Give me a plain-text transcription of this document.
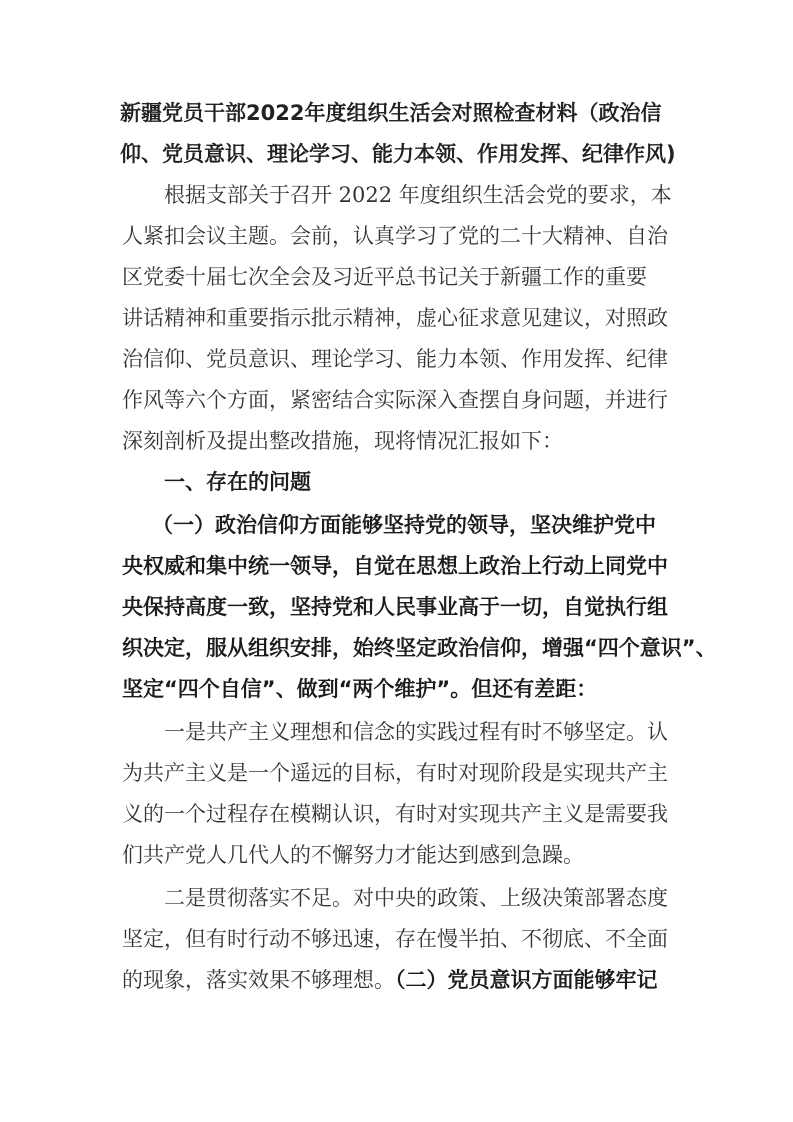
新疆党员干部2022年度组织生活会对照检查材料（政治信
仰、党员意识、理论学习、能力本领、作用发挥、纪律作风)
根据支部关于召开 2022 年度组织生活会党的要求，本
人紧扣会议主题。会前，认真学习了党的二十大精神、自治
区党委十届七次全会及习近平总书记关于新疆工作的重要
讲话精神和重要指示批示精神，虚心征求意见建议，对照政
治信仰、党员意识、理论学习、能力本领、作用发挥、纪律
作风等六个方面，紧密结合实际深入查摆自身问题，并进行
深刻剖析及提出整改措施，现将情况汇报如下：
一、存在的问题
（一）政治信仰方面能够坚持党的领导，坚决维护党中
央权威和集中统一领导，自觉在思想上政治上行动上同党中
央保持高度一致，坚持党和人民事业高于一切，自觉执行组
织决定，服从组织安排，始终坚定政治信仰，增强“四个意识”、
坚定“四个自信”、做到“两个维护”。但还有差距：
一是共产主义理想和信念的实践过程有时不够坚定。认
为共产主义是一个遥远的目标，有时对现阶段是实现共产主
义的一个过程存在模糊认识，有时对实现共产主义是需要我
们共产党人几代人的不懈努力才能达到感到急躁。
二是贯彻落实不足。对中央的政策、上级决策部署态度
坚定，但有时行动不够迅速，存在慢半拍、不彻底、不全面
的现象，落实效果不够理想。（二）党员意识方面能够牢记
